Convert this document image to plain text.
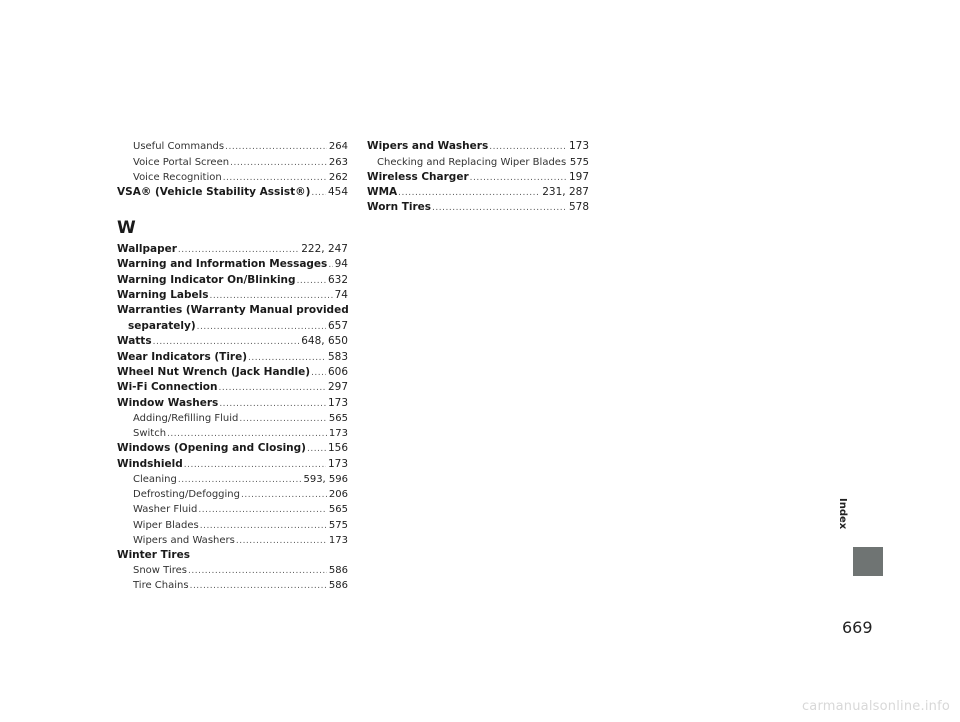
Useful Commands .....	264
Voice Portal Screen .....	263
Voice Recognition .....	262
VSA® (Vehicle Stability Assist®) ..... 454
Wallpaper .....	222, 247
Warning and Information Messages ..... 94
Warning Indicator On/Blinking .....	632
Warning Labels .....	74
Warranties (Warranty Manual provided
separately) .....	657
Watts .....	648, 650
Wear Indicators (Tire) .....	583
Wheel Nut Wrench (Jack Handle) ..... 606
Wi-Fi Connection .....	297
Window Washers .....	173
Adding/Refilling Fluid .....	565
Switch .....	173
Windows (Opening and Closing) ..... 156
Windshield .....	173
Cleaning .....	593, 596
Defrosting/Defogging .....	206
Washer Fluid .....	565
Wiper Blades .....	575
Wipers and Washers .....	173
Winter Tires
Snow Tires .....	586
Tire Chains .....	586
W
Wipers and Washers .....	173
Checking and Replacing Wiper Blades ..... 575
Wireless Charger .....	197
WMA .....	231, 287
Worn Tires .....	578
Index
669
carmanualsonline.info
